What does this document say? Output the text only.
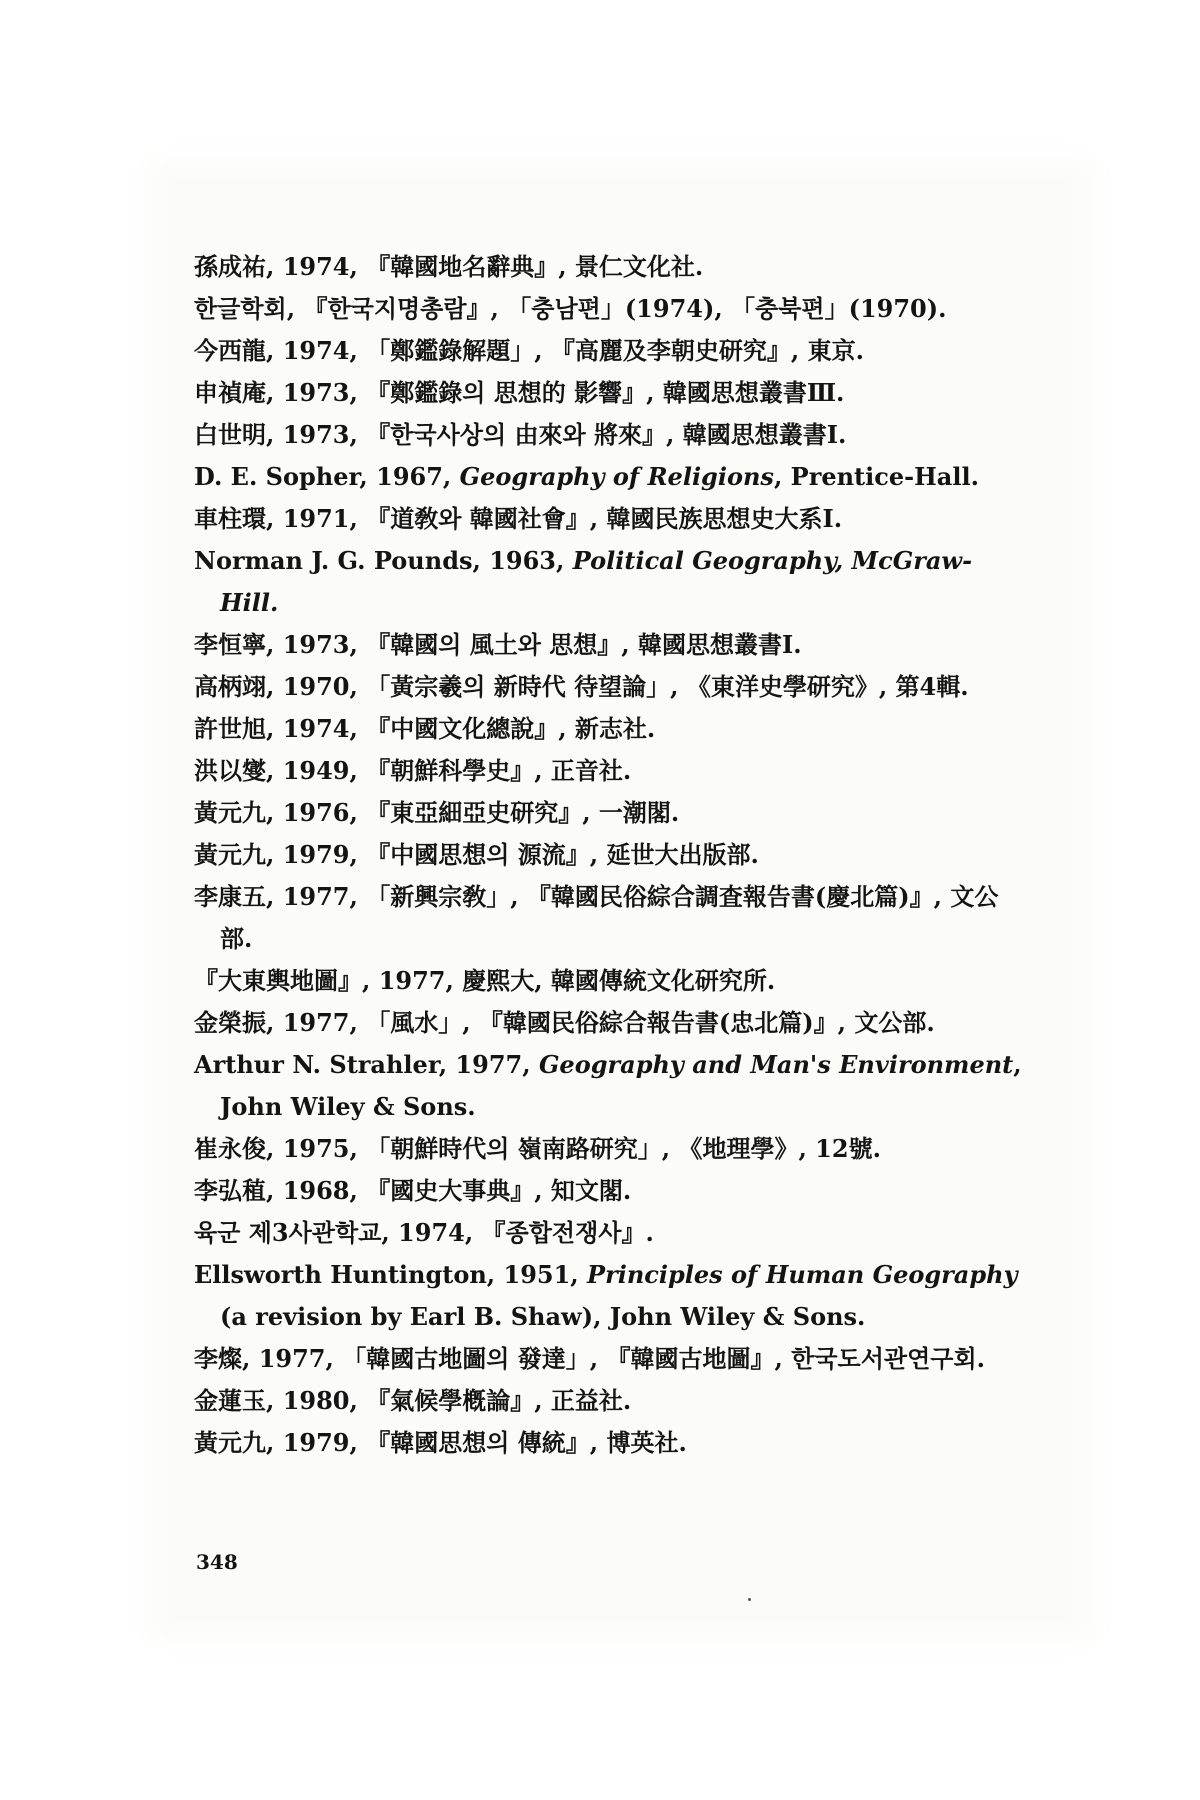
孫成祐, 1974, 『韓國地名辭典』, 景仁文化社.
한글학회, 『한국지명총람』, 「충남편」(1974), 「충북편」(1970).
今西龍, 1974, 「鄭鑑錄解題」, 『高麗及李朝史研究』, 東京.
申禎庵, 1973, 『鄭鑑錄의 思想的 影響』, 韓國思想叢書Ⅲ.
白世明, 1973, 『한국사상의 由來와 將來』, 韓國思想叢書Ⅰ.
D. E. Sopher, 1967, Geography of Religions, Prentice-Hall.
車柱環, 1971, 『道敎와 韓國社會』, 韓國民族思想史大系Ⅰ.
Norman J. G. Pounds, 1963, Political Geography, McGraw-Hill.
李恒寧, 1973, 『韓國의 風土와 思想』, 韓國思想叢書Ⅰ.
高柄翊, 1970, 「黃宗羲의 新時代 待望論」, 《東洋史學研究》, 第4輯.
許世旭, 1974, 『中國文化總說』, 新志社.
洪以燮, 1949, 『朝鮮科學史』, 正音社.
黃元九, 1976, 『東亞細亞史研究』, 一潮閣.
黃元九, 1979, 『中國思想의 源流』, 延世大出版部.
李康五, 1977, 「新興宗敎」, 『韓國民俗綜合調査報告書(慶北篇)』, 文公部.
『大東輿地圖』, 1977, 慶熙大, 韓國傳統文化研究所.
金榮振, 1977, 「風水」, 『韓國民俗綜合報告書(忠北篇)』, 文公部.
Arthur N. Strahler, 1977, Geography and Man's Environment, John Wiley & Sons.
崔永俊, 1975, 「朝鮮時代의 嶺南路研究」, 《地理學》, 12號.
李弘稙, 1968, 『國史大事典』, 知文閣.
육군 제3사관학교, 1974, 『종합전쟁사』.
Ellsworth Huntington, 1951, Principles of Human Geography (a revision by Earl B. Shaw), John Wiley & Sons.
李燦, 1977, 「韓國古地圖의 發達」, 『韓國古地圖』, 한국도서관연구회.
金蓮玉, 1980, 『氣候學槪論』, 正益社.
黃元九, 1979, 『韓國思想의 傳統』, 博英社.
348
